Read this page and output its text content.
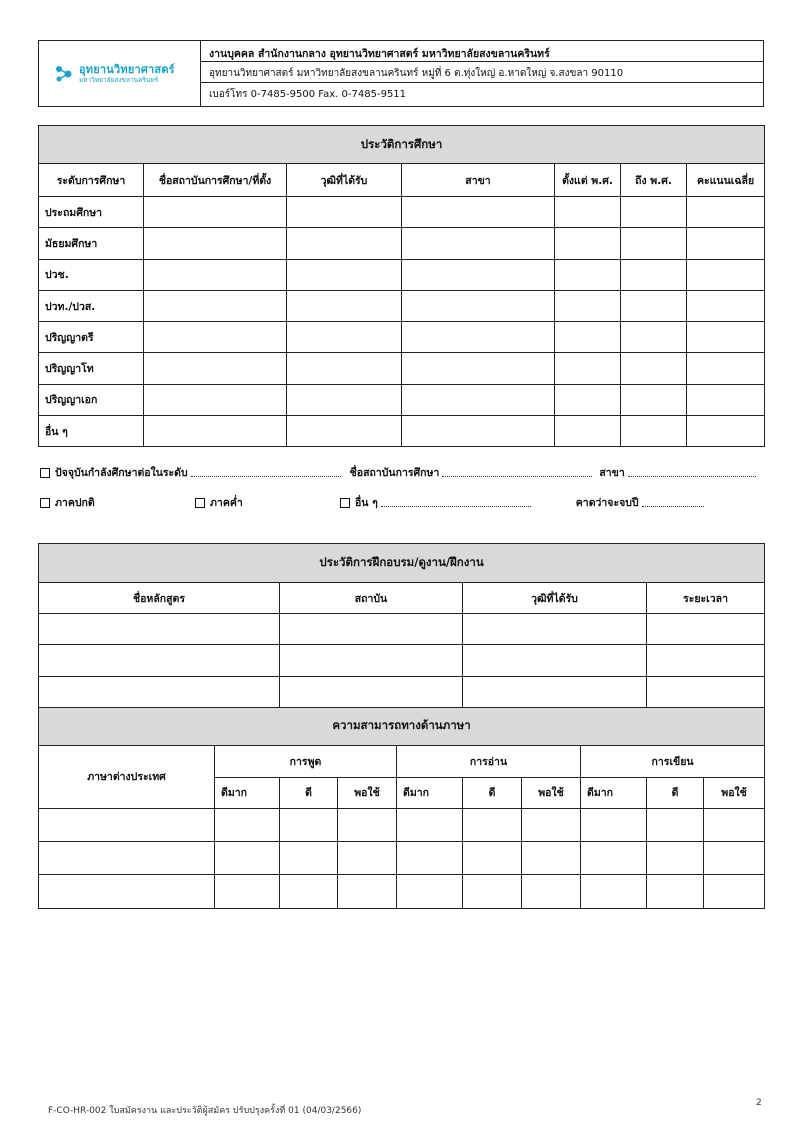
อุทยานวิทยาศาสตร์
มหาวิทยาลัยสงขลานครินทร์
งานบุคคล สำนักงานกลาง อุทยานวิทยาศาสตร์ มหาวิทยาลัยสงขลานครินทร์
อุทยานวิทยาศาสตร์ มหาวิทยาลัยสงขลานครินทร์ หมู่ที่ 6 ต.ทุ่งใหญ่ อ.หาดใหญ่ จ.สงขลา 90110
เบอร์โทร 0-7485-9500 Fax. 0-7485-9511
ประวัติการศึกษา						
ระดับการศึกษา	ชื่อสถาบันการศึกษา/ที่ตั้ง	วุฒิที่ได้รับ	สาขา	ตั้งแต่ พ.ศ.	ถึง พ.ศ.	คะแนนเฉลี่ย
ประถมศึกษา						
มัธยมศึกษา						
ปวช.						
ปวท./ปวส.						
ปริญญาตรี						
ปริญญาโท						
ปริญญาเอก						
อื่น ๆ						
ปัจจุบันกำลังศึกษาต่อในระดับ	ชื่อสถาบันการศึกษา	สาขา
ภาคปกติ	ภาคค่ำ	อื่น ๆ	คาดว่าจะจบปี
ประวัติการฝึกอบรม/ดูงาน/ฝึกงาน									
ชื่อหลักสูตร		สถาบัน			วุฒิที่ได้รับ			ระยะเวลา	

ความสามารถทางด้านภาษา									
ภาษาต่างประเทศ	การพูด			การอ่าน			การเขียน		
	ดีมาก	ดี	พอใช้	ดีมาก	ดี	พอใช้	ดีมาก	ดี	พอใช้

F-CO-HR-002 ใบสมัครงาน และประวัติผู้สมัคร ปรับปรุงครั้งที่ 01 (04/03/2566)
2
